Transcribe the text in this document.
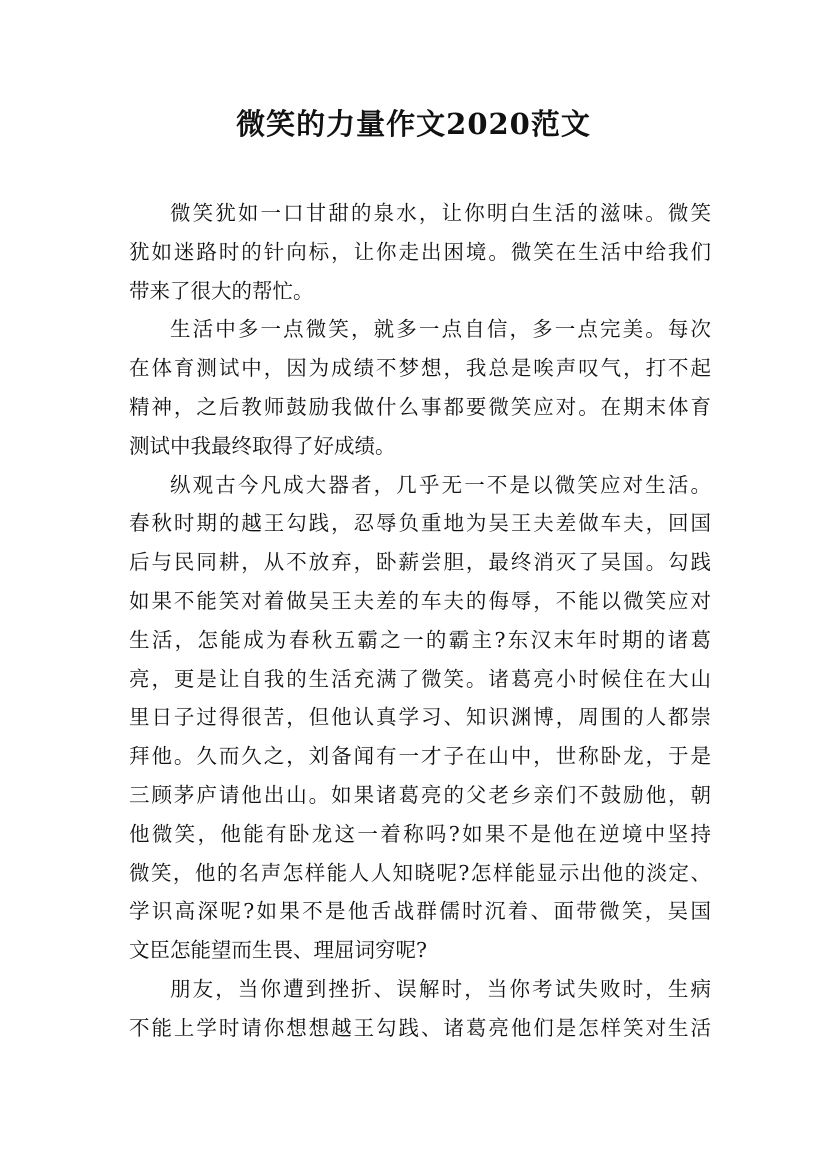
微笑的力量作文2020范文
微笑犹如一口甘甜的泉水，让你明白生活的滋味。微笑
犹如迷路时的针向标，让你走出困境。微笑在生活中给我们
带来了很大的帮忙。
生活中多一点微笑，就多一点自信，多一点完美。每次
在体育测试中，因为成绩不梦想，我总是唉声叹气，打不起
精神，之后教师鼓励我做什么事都要微笑应对。在期末体育
测试中我最终取得了好成绩。
纵观古今凡成大器者，几乎无一不是以微笑应对生活。
春秋时期的越王勾践，忍辱负重地为吴王夫差做车夫，回国
后与民同耕，从不放弃，卧薪尝胆，最终消灭了吴国。勾践
如果不能笑对着做吴王夫差的车夫的侮辱，不能以微笑应对
生活，怎能成为春秋五霸之一的霸主?东汉末年时期的诸葛
亮，更是让自我的生活充满了微笑。诸葛亮小时候住在大山
里日子过得很苦，但他认真学习、知识渊博，周围的人都崇
拜他。久而久之，刘备闻有一才子在山中，世称卧龙，于是
三顾茅庐请他出山。如果诸葛亮的父老乡亲们不鼓励他，朝
他微笑，他能有卧龙这一着称吗?如果不是他在逆境中坚持
微笑，他的名声怎样能人人知晓呢?怎样能显示出他的淡定、
学识高深呢?如果不是他舌战群儒时沉着、面带微笑，吴国
文臣怎能望而生畏、理屈词穷呢?
朋友，当你遭到挫折、误解时，当你考试失败时，生病
不能上学时请你想想越王勾践、诸葛亮他们是怎样笑对生活
